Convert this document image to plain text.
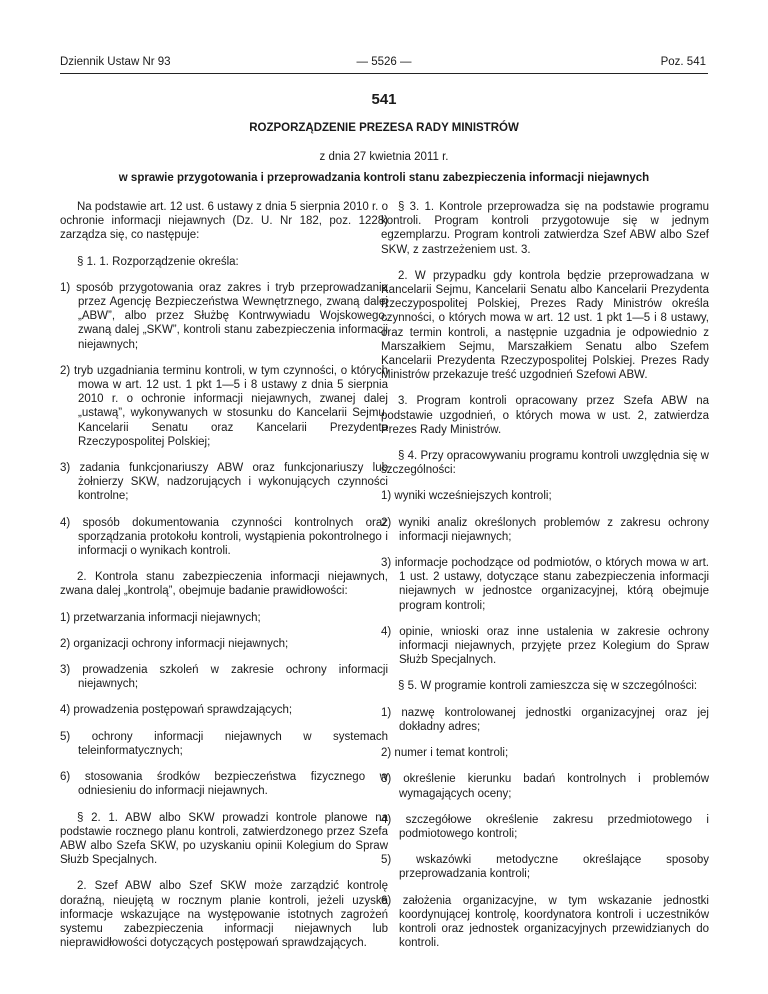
Dziennik Ustaw Nr 93	— 5526 —	Poz. 541
541
ROZPORZĄDZENIE PREZESA RADY MINISTRÓW
z dnia 27 kwietnia 2011 r.
w sprawie przygotowania i przeprowadzania kontroli stanu zabezpieczenia informacji niejawnych

Na podstawie art. 12 ust. 6 ustawy z dnia 5 sierpnia 2010 r. o ochronie informacji niejawnych (Dz. U. Nr 182, poz. 1228) zarządza się, co następuje:

§ 1. 1. Rozporządzenie określa:

1) sposób przygotowania oraz zakres i tryb przeprowadzania przez Agencję Bezpieczeństwa Wewnętrznego, zwaną dalej „ABW”, albo przez Służbę Kontrwywiadu Wojskowego, zwaną dalej „SKW”, kontroli stanu zabezpieczenia informacji niejawnych;

2) tryb uzgadniania terminu kontroli, w tym czynności, o których mowa w art. 12 ust. 1 pkt 1—5 i 8 ustawy z dnia 5 sierpnia 2010 r. o ochronie informacji niejawnych, zwanej dalej „ustawą”, wykonywanych w stosunku do Kancelarii Sejmu, Kancelarii Senatu oraz Kancelarii Prezydenta Rzeczypospolitej Polskiej;

3) zadania funkcjonariuszy ABW oraz funkcjonariuszy lub żołnierzy SKW, nadzorujących i wykonujących czynności kontrolne;

4) sposób dokumentowania czynności kontrolnych oraz sporządzania protokołu kontroli, wystąpienia pokontrolnego i informacji o wynikach kontroli.

2. Kontrola stanu zabezpieczenia informacji niejawnych, zwana dalej „kontrolą”, obejmuje badanie prawidłowości:

1) przetwarzania informacji niejawnych;

2) organizacji ochrony informacji niejawnych;

3) prowadzenia szkoleń w zakresie ochrony informacji niejawnych;

4) prowadzenia postępowań sprawdzających;

5) ochrony informacji niejawnych w systemach teleinformatycznych;

6) stosowania środków bezpieczeństwa fizycznego w odniesieniu do informacji niejawnych.

§ 2. 1. ABW albo SKW prowadzi kontrole planowe na podstawie rocznego planu kontroli, zatwierdzonego przez Szefa ABW albo Szefa SKW, po uzyskaniu opinii Kolegium do Spraw Służb Specjalnych.

2. Szef ABW albo Szef SKW może zarządzić kontrolę doraźną, nieujętą w rocznym planie kontroli, jeżeli uzyska informacje wskazujące na występowanie istotnych zagrożeń systemu zabezpieczenia informacji niejawnych lub nieprawidłowości dotyczących postępowań sprawdzających.

§ 3. 1. Kontrole przeprowadza się na podstawie programu kontroli. Program kontroli przygotowuje się w jednym egzemplarzu. Program kontroli zatwierdza Szef ABW albo Szef SKW, z zastrzeżeniem ust. 3.

2. W przypadku gdy kontrola będzie przeprowadzana w Kancelarii Sejmu, Kancelarii Senatu albo Kancelarii Prezydenta Rzeczypospolitej Polskiej, Prezes Rady Ministrów określa czynności, o których mowa w art. 12 ust. 1 pkt 1—5 i 8 ustawy, oraz termin kontroli, a następnie uzgadnia je odpowiednio z Marszałkiem Sejmu, Marszałkiem Senatu albo Szefem Kancelarii Prezydenta Rzeczypospolitej Polskiej. Prezes Rady Ministrów przekazuje treść uzgodnień Szefowi ABW.

3. Program kontroli opracowany przez Szefa ABW na podstawie uzgodnień, o których mowa w ust. 2, zatwierdza Prezes Rady Ministrów.

§ 4. Przy opracowywaniu programu kontroli uwzględnia się w szczególności:

1) wyniki wcześniejszych kontroli;

2) wyniki analiz określonych problemów z zakresu ochrony informacji niejawnych;

3) informacje pochodzące od podmiotów, o których mowa w art. 1 ust. 2 ustawy, dotyczące stanu zabezpieczenia informacji niejawnych w jednostce organizacyjnej, którą obejmuje program kontroli;

4) opinie, wnioski oraz inne ustalenia w zakresie ochrony informacji niejawnych, przyjęte przez Kolegium do Spraw Służb Specjalnych.

§ 5. W programie kontroli zamieszcza się w szczególności:

1) nazwę kontrolowanej jednostki organizacyjnej oraz jej dokładny adres;

2) numer i temat kontroli;

3) określenie kierunku badań kontrolnych i problemów wymagających oceny;

4) szczegółowe określenie zakresu przedmiotowego i podmiotowego kontroli;

5) wskazówki metodyczne określające sposoby przeprowadzania kontroli;

6) założenia organizacyjne, w tym wskazanie jednostki koordynującej kontrolę, koordynatora kontroli i uczestników kontroli oraz jednostek organizacyjnych przewidzianych do kontroli.
